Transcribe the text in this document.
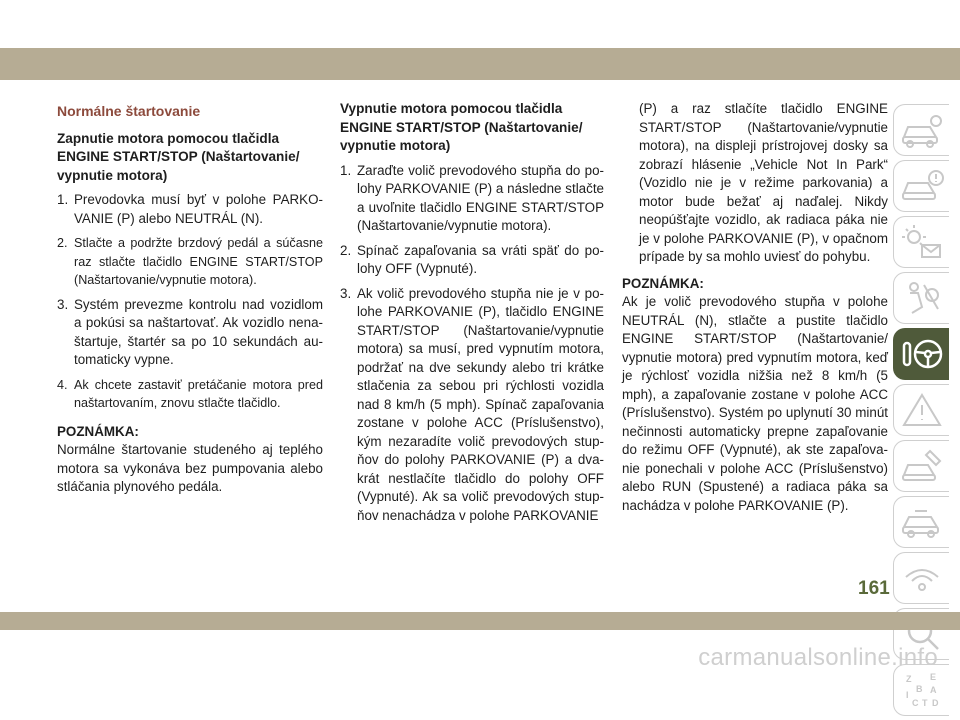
Normálne štartovanie
Zapnutie motora pomocou tlačidla ENGINE START/STOP (Naštartovanie/ vypnutie motora)
1. Prevodovka musí byť v polohe PARKOVANIE (P) alebo NEUTRÁL (N).
2. Stlačte a podržte brzdový pedál a súčasne raz stlačte tlačidlo ENGINE START/STOP (Naštartovanie/vypnutie motora).
3. Systém prevezme kontrolu nad vozidlom a pokúsi sa naštartovať. Ak vozidlo nenaštartuje, štartér sa po 10 sekundách automaticky vypne.
4. Ak chcete zastaviť pretáčanie motora pred naštartovaním, znovu stlačte tlačidlo.
POZNÁMKA:

Normálne štartovanie studeného aj teplého motora sa vykonáva bez pumpovania alebo stláčania plynového pedála.

Vypnutie motora pomocou tlačidla ENGINE START/STOP (Naštartovanie/ vypnutie motora)
1. Zaraďte volič prevodového stupňa do polohy PARKOVANIE (P) a následne stlačte a uvoľnite tlačidlo ENGINE START/STOP (Naštartovanie/vypnutie motora).
2. Spínač zapaľovania sa vráti späť do polohy OFF (Vypnuté).
3. Ak volič prevodového stupňa nie je v polohe PARKOVANIE (P), tlačidlo ENGINE START/STOP (Naštartovanie/vypnutie motora) sa musí, pred vypnutím motora, podržať na dve sekundy alebo tri krátke stlačenia za sebou pri rýchlosti vozidla nad 8 km/h (5 mph). Spínač zapaľovania zostane v polohe ACC (Príslušenstvo), kým nezaradíte volič prevodových stupňov do polohy PARKOVANIE (P) a dvakrát nestlačíte tlačidlo do polohy OFF (Vypnuté). Ak sa volič prevodových stupňov nenachádza v polohe PARKOVANIE

(P) a raz stlačíte tlačidlo ENGINE START/STOP (Naštartovanie/vypnutie motora), na displeji prístrojovej dosky sa zobrazí hlásenie „Vehicle Not In Park“ (Vozidlo nie je v režime parkovania) a motor bude bežať aj naďalej. Nikdy neopúšťajte vozidlo, ak radiaca páka nie je v polohe PARKOVANIE (P), v opačnom prípade by sa mohlo uviesť do pohybu.

POZNÁMKA:

Ak je volič prevodového stupňa v polohe NEUTRÁL (N), stlačte a pustite tlačidlo ENGINE START/STOP (Naštartovanie/ vypnutie motora) pred vypnutím motora, keď je rýchlosť vozidla nižšia než 8 km/h (5 mph), a zapaľovanie zostane v polohe ACC (Príslušenstvo). Systém po uplynutí 30 minút nečinnosti automaticky prepne zapaľovanie do režimu OFF (Vypnuté), ak ste zapaľovanie ponechali v polohe ACC (Príslušenstvo) alebo RUN (Spustené) a radiaca páka sa nachádza v polohe PARKOVANIE (P).

Z E
B A
I
C T D
161
carmanualsonline.info
